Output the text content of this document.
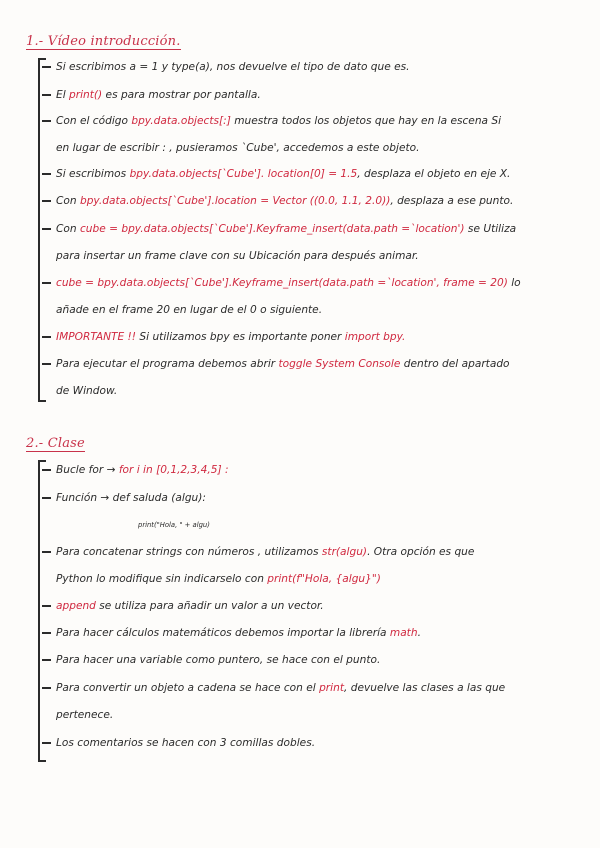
1.- Vídeo introducción.
Si escribimos a = 1 y type(a), nos devuelve el tipo de dato que es.
El print() es para mostrar por pantalla.
Con el código bpy.data.objects[:] muestra todos los objetos que hay en la escena Si
en lugar de escribir : , pusieramos `Cube', accedemos a este objeto.
Si escribimos bpy.data.objects[`Cube']. location[0] = 1.5, desplaza el objeto en eje X.
Con bpy.data.objects[`Cube'].location = Vector ((0.0, 1.1, 2.0)), desplaza a ese punto.
Con cube = bpy.data.objects[`Cube'].Keyframe_insert(data.path =`location') se Utiliza
para insertar un frame clave con su Ubicación para después animar.
cube = bpy.data.objects[`Cube'].Keyframe_insert(data.path =`location', frame = 20) lo
añade en el frame 20 en lugar de el 0 o siguiente.
IMPORTANTE !! Si utilizamos bpy es importante poner import bpy.
Para ejecutar el programa debemos abrir toggle System Console dentro del apartado
de Window.
2.- Clase
Bucle for → for i in [0,1,2,3,4,5] :
Función → def saluda (algu):
print("Hola, " + algu)
Para concatenar strings con números , utilizamos str(algu). Otra opción es que
Python lo modifique sin indicarselo con print(f"Hola, {algu}")
append se utiliza para añadir un valor a un vector.
Para hacer cálculos matemáticos debemos importar la librería math.
Para hacer una variable como puntero, se hace con el punto.
Para convertir un objeto a cadena se hace con el print, devuelve las clases a las que
pertenece.
Los comentarios se hacen con 3 comillas dobles.
